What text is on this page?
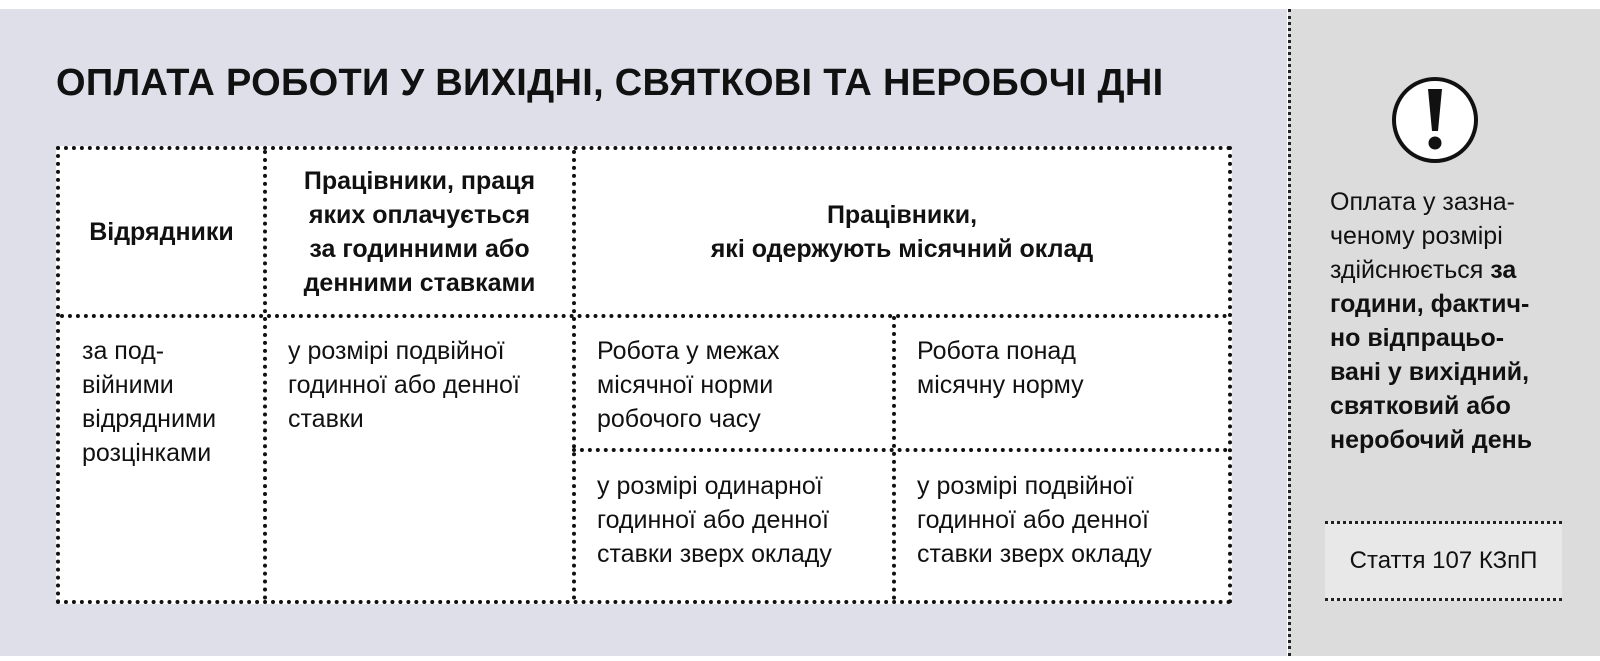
ОПЛАТА РОБОТИ У ВИХІДНІ, СВЯТКОВІ ТА НЕРОБОЧІ ДНІ
Відрядники
Працівники, праця
яких оплачується
за годинними або
денними ставками
Працівники,
які одержують місячний оклад
за под-
війними
відрядними
розцінками
у розмірі подвійної
годинної або денної
ставки
Робота у межах
місячної норми
робочого часу
Робота понад
місячну норму
у розмірі одинарної
годинної або денної
ставки зверх окладу
у розмірі подвійної
годинної або денної
ставки зверх окладу
Оплата у зазна-
ченому розмірі
здійснюється за
години, фактич-
но відпрацьо-
вані у вихідний,
святковий або
неробочий день
Стаття 107 КЗпП
